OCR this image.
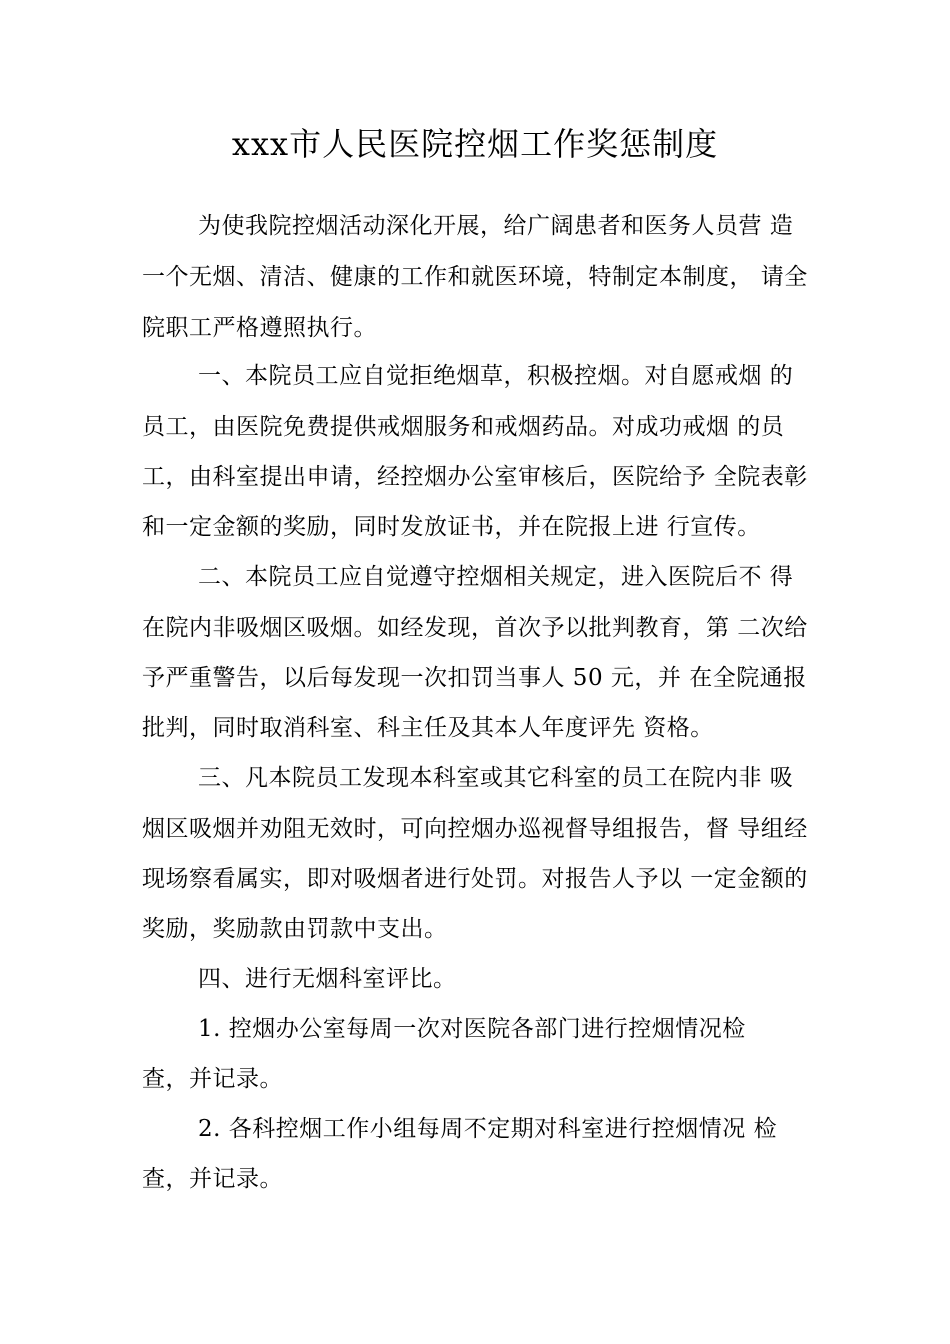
xxx市人民医院控烟工作奖惩制度
为使我院控烟活动深化开展，给广阔患者和医务人员营 造
一个无烟、清洁、健康的工作和就医环境，特制定本制度， 请全
院职工严格遵照执行。
一、本院员工应自觉拒绝烟草，积极控烟。对自愿戒烟 的
员工，由医院免费提供戒烟服务和戒烟药品。对成功戒烟 的员
工，由科室提出申请，经控烟办公室审核后，医院给予 全院表彰
和一定金额的奖励，同时发放证书，并在院报上进 行宣传。
二、本院员工应自觉遵守控烟相关规定，进入医院后不 得
在院内非吸烟区吸烟。如经发现，首次予以批判教育，第 二次给
予严重警告，以后每发现一次扣罚当事人 50 元，并 在全院通报
批判，同时取消科室、科主任及其本人年度评先 资格。
三、凡本院员工发现本科室或其它科室的员工在院内非 吸
烟区吸烟并劝阻无效时，可向控烟办巡视督导组报告，督 导组经
现场察看属实，即对吸烟者进行处罚。对报告人予以 一定金额的
奖励，奖励款由罚款中支出。
四、进行无烟科室评比。
1. 控烟办公室每周一次对医院各部门进行控烟情况检
查，并记录。
2. 各科控烟工作小组每周不定期对科室进行控烟情况 检
查，并记录。
